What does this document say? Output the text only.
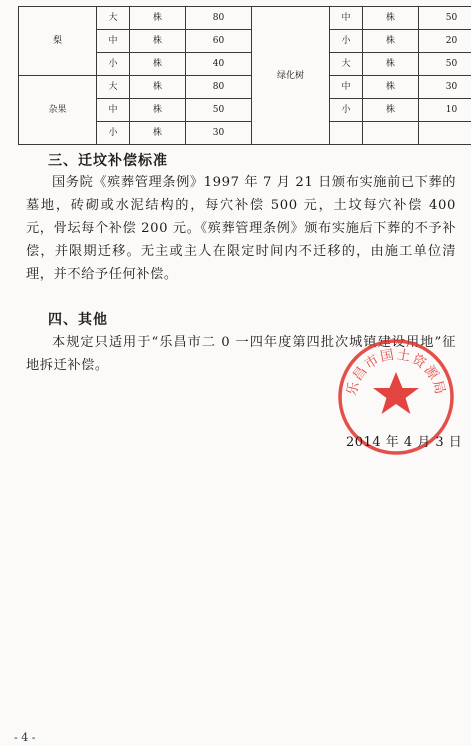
梨	大	株	80	绿化树	中	株	50
	中	株	60		小	株	20
	小	株	40		大	株	50
杂果	大	株	80		中	株	30
	中	株	50		小	株	10
	小	株	30				
三、迁坟补偿标准

国务院《殡葬管理条例》1997 年 7 月 21 日颁布实施前已下葬的墓地，砖砌或水泥结构的，每穴补偿 500 元，土坟每穴补偿 400 元，骨坛每个补偿 200 元。《殡葬管理条例》颁布实施后下葬的不予补偿，并限期迁移。无主或主人在限定时间内不迁移的，由施工单位清理，并不给予任何补偿。

四、其他

本规定只适用于“乐昌市二 0 一四年度第四批次城镇建设用地”征地拆迁补偿。

乐昌市国土资源局
2014 年 4 月 3 日
- 4 -
